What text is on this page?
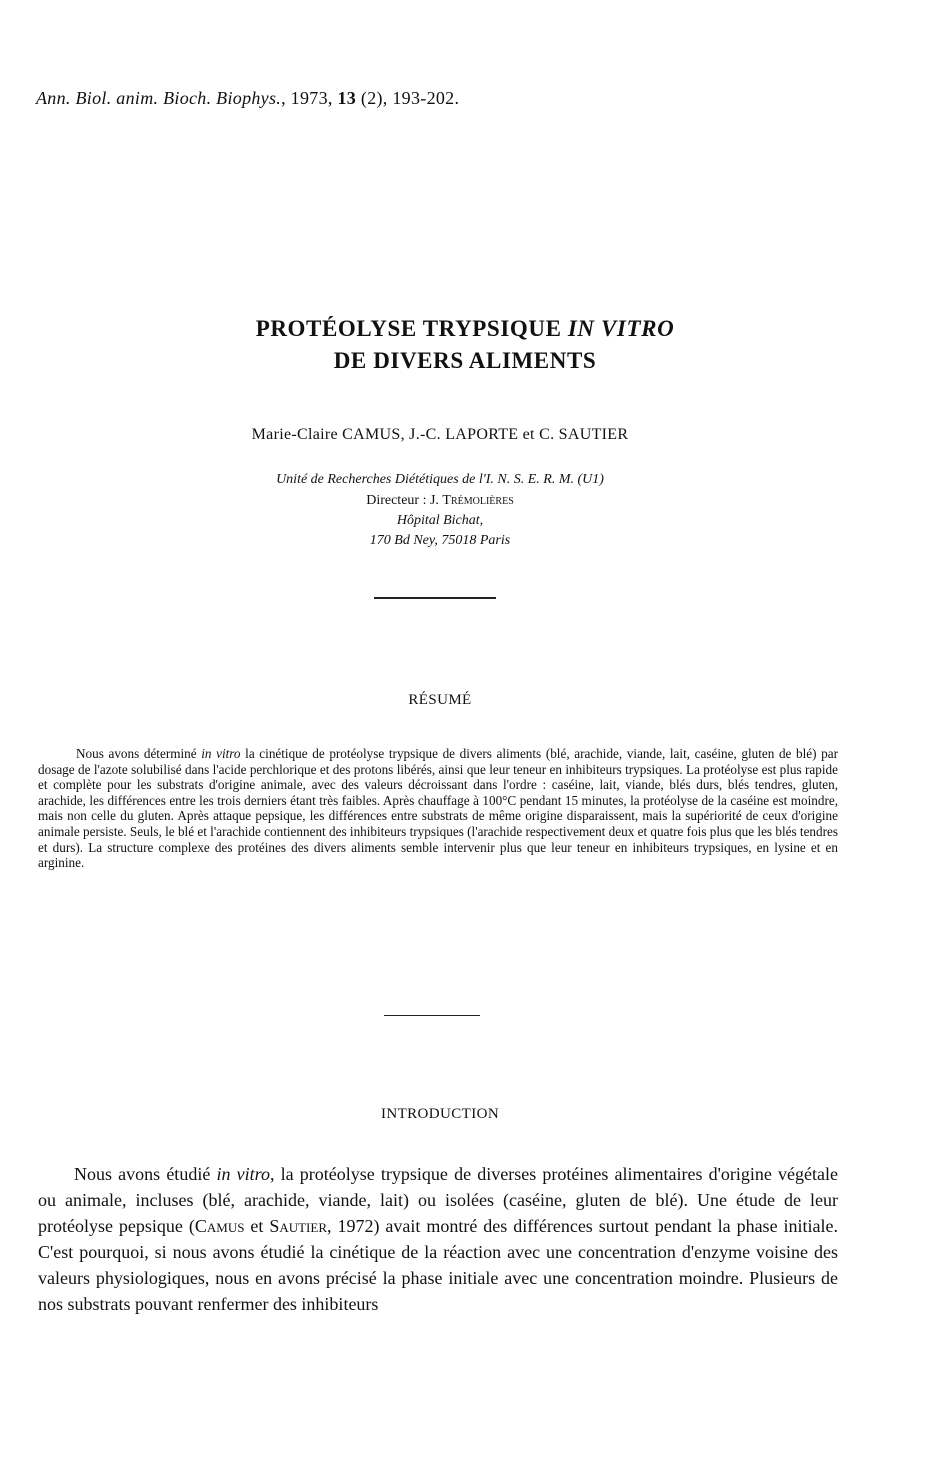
Ann. Biol. anim. Bioch. Biophys., 1973, 13 (2), 193-202.
PROTÉOLYSE TRYPSIQUE IN VITRO
DE DIVERS ALIMENTS
Marie-Claire CAMUS, J.-C. LAPORTE et C. SAUTIER
Unité de Recherches Diététiques de l'I. N. S. E. R. M. (U1)
Directeur : J. Trémolières
Hôpital Bichat,
170 Bd Ney, 75018 Paris
RÉSUMÉ

Nous avons déterminé in vitro la cinétique de protéolyse trypsique de divers aliments (blé, arachide, viande, lait, caséine, gluten de blé) par dosage de l'azote solubilisé dans l'acide perchlorique et des protons libérés, ainsi que leur teneur en inhibiteurs trypsiques. La protéolyse est plus rapide et complète pour les substrats d'origine animale, avec des valeurs décroissant dans l'ordre : caséine, lait, viande, blés durs, blés tendres, gluten, arachide, les différences entre les trois derniers étant très faibles. Après chauffage à 100°C pendant 15 minutes, la protéolyse de la caséine est moindre, mais non celle du gluten. Après attaque pepsique, les différences entre substrats de même origine disparaissent, mais la supériorité de ceux d'origine animale persiste. Seuls, le blé et l'arachide contiennent des inhibiteurs trypsiques (l'arachide respectivement deux et quatre fois plus que les blés tendres et durs). La structure complexe des protéines des divers aliments semble intervenir plus que leur teneur en inhibiteurs trypsiques, en lysine et en arginine.

INTRODUCTION

Nous avons étudié in vitro, la protéolyse trypsique de diverses protéines alimentaires d'origine végétale ou animale, incluses (blé, arachide, viande, lait) ou isolées (caséine, gluten de blé). Une étude de leur protéolyse pepsique (Camus et Sautier, 1972) avait montré des différences surtout pendant la phase initiale. C'est pourquoi, si nous avons étudié la cinétique de la réaction avec une concentration d'enzyme voisine des valeurs physiologiques, nous en avons précisé la phase initiale avec une concentration moindre. Plusieurs de nos substrats pouvant renfermer des inhibiteurs
